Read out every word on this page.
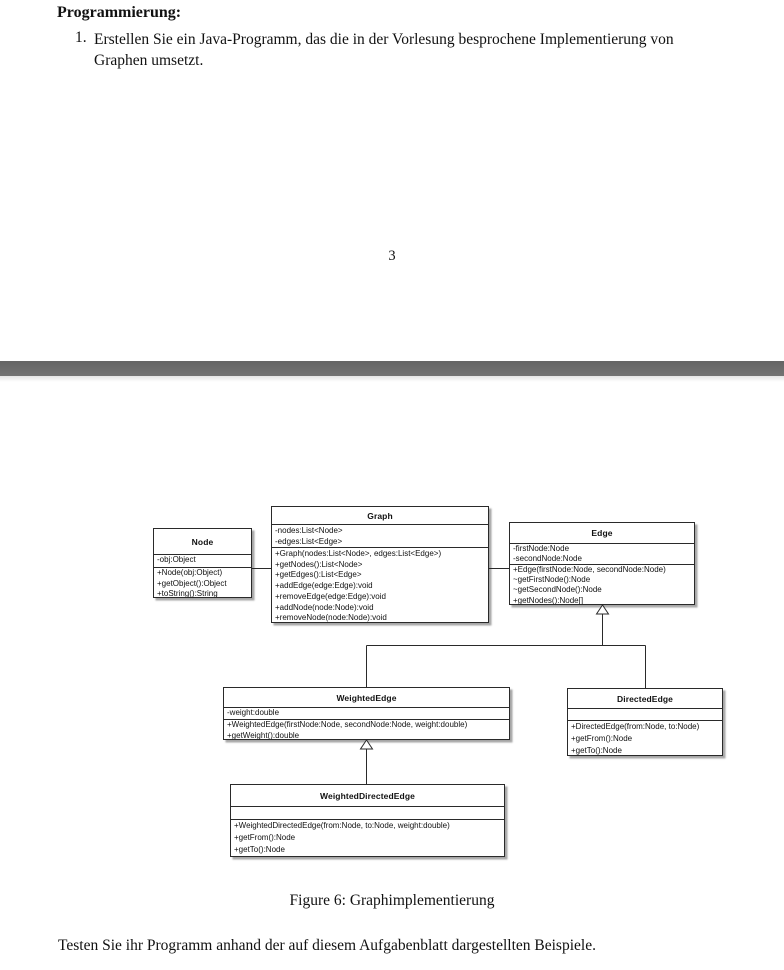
Programmierung:
1. Erstellen Sie ein Java-Programm, das die in der Vorlesung besprochene Implementierung von
Graphen umsetzt.
3
Node
-obj:Object
+Node(obj:Object)
+getObject():Object
+toString():String
Graph
-nodes:List<Node>
-edges:List<Edge>
+Graph(nodes:List<Node>, edges:List<Edge>)
+getNodes():List<Node>
+getEdges():List<Edge>
+addEdge(edge:Edge):void
+removeEdge(edge:Edge):void
+addNode(node:Node):void
+removeNode(node:Node):void
Edge
-firstNode:Node
-secondNode:Node
+Edge(firstNode:Node, secondNode:Node)
~getFirstNode():Node
~getSecondNode():Node
+getNodes():Node[]
WeightedEdge
-weight:double
+WeightedEdge(firstNode:Node, secondNode:Node, weight:double)
+getWeight():double
DirectedEdge
+DirectedEdge(from:Node, to:Node)
+getFrom():Node
+getTo():Node
WeightedDirectedEdge
+WeightedDirectedEdge(from:Node, to:Node, weight:double)
+getFrom():Node
+getTo():Node
Figure 6: Graphimplementierung
Testen Sie ihr Programm anhand der auf diesem Aufgabenblatt dargestellten Beispiele.
